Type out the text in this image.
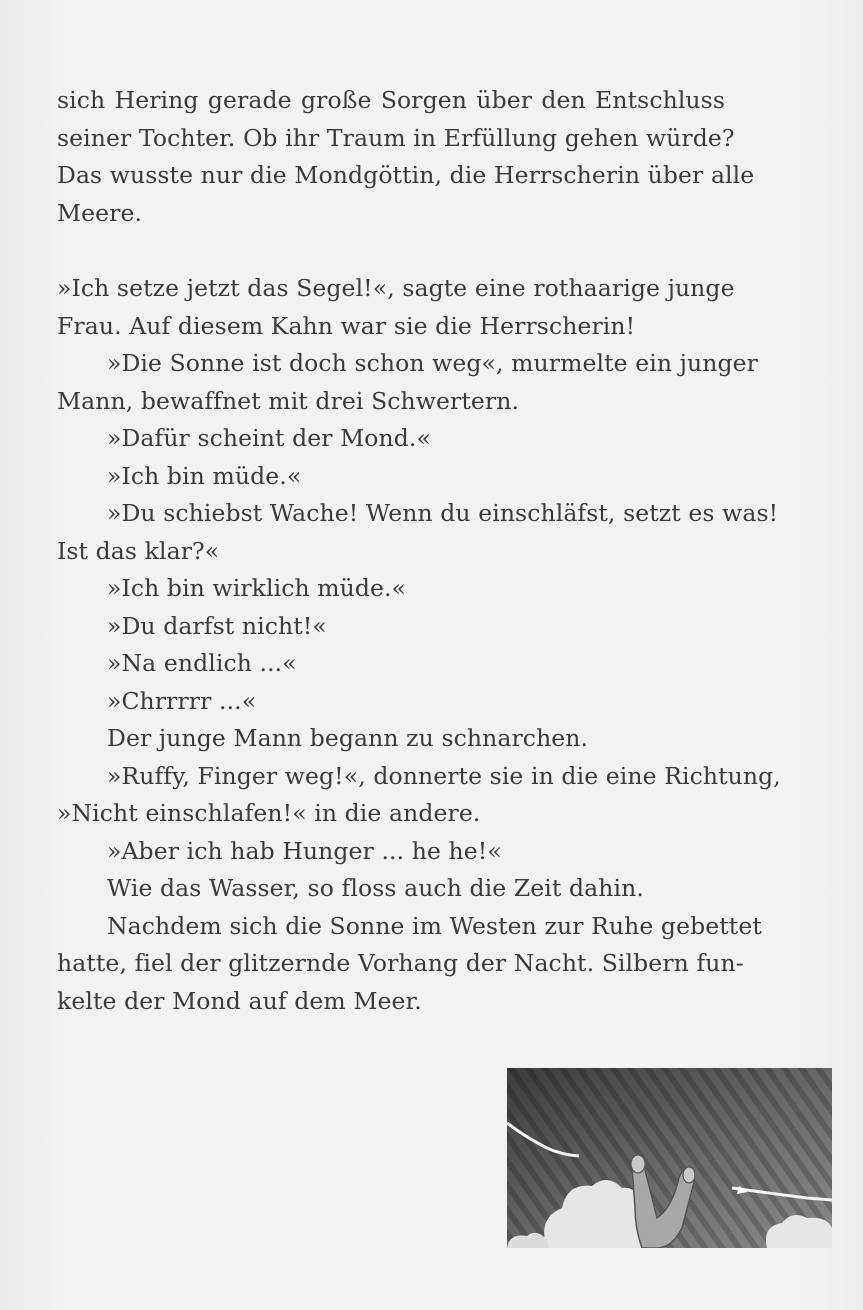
sich Hering gerade große Sorgen über den Entschluss
seiner Tochter. Ob ihr Traum in Erfüllung gehen würde?
Das wusste nur die Mondgöttin, die Herrscherin über alle
Meere.
»Ich setze jetzt das Segel!«, sagte eine rothaarige junge
Frau. Auf diesem Kahn war sie die Herrscherin!
»Die Sonne ist doch schon weg«, murmelte ein junger
Mann, bewaffnet mit drei Schwertern.
»Dafür scheint der Mond.«
»Ich bin müde.«
»Du schiebst Wache! Wenn du einschläfst, setzt es was!
Ist das klar?«
»Ich bin wirklich müde.«
»Du darfst nicht!«
»Na endlich ...«
»Chrrrrr ...«
Der junge Mann begann zu schnarchen.
»Ruffy, Finger weg!«, donnerte sie in die eine Richtung,
»Nicht einschlafen!« in die andere.
»Aber ich hab Hunger ... he he!«
Wie das Wasser, so floss auch die Zeit dahin.
Nachdem sich die Sonne im Westen zur Ruhe gebettet
hatte, fiel der glitzernde Vorhang der Nacht. Silbern fun-
kelte der Mond auf dem Meer.
